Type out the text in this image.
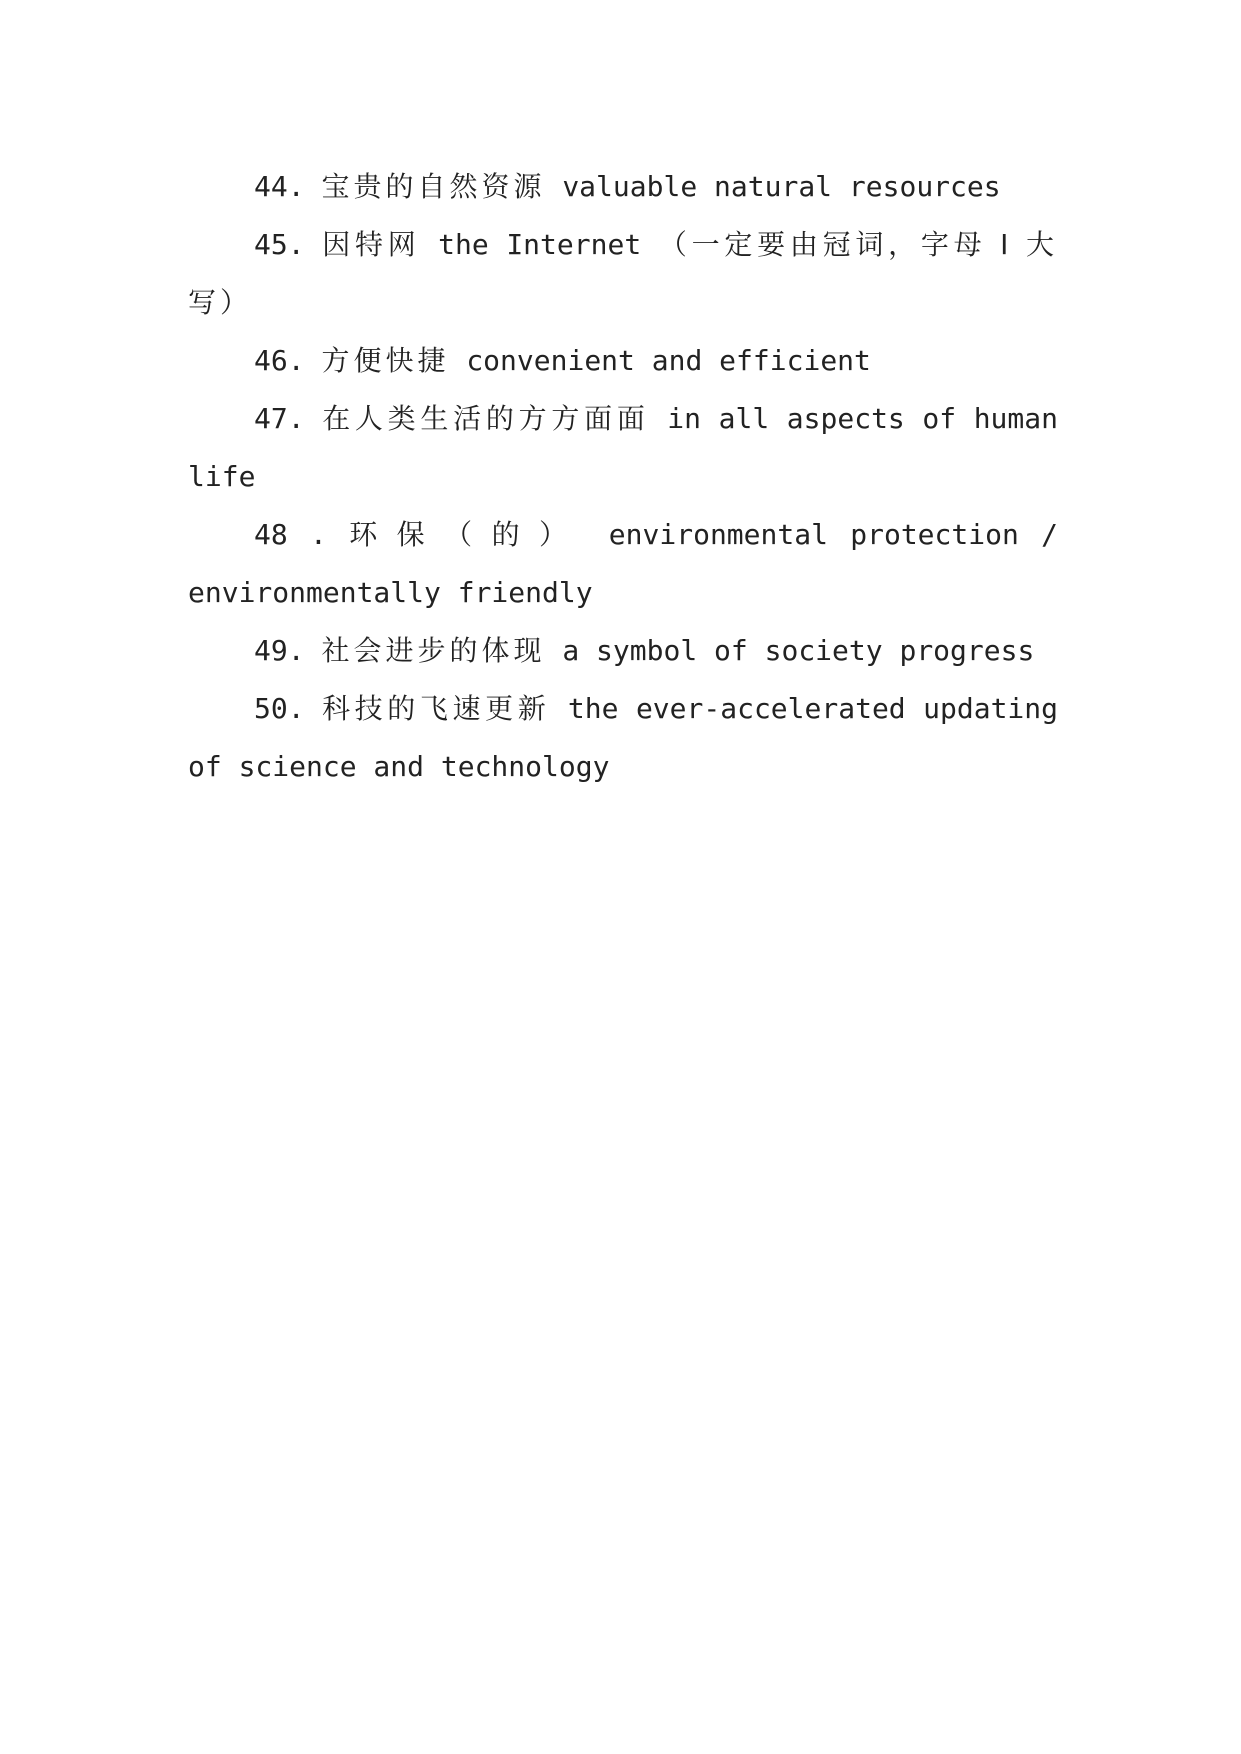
44. 宝贵的自然资源 valuable natural resources

45. 因特网 the Internet （一定要由冠词，字母 I 大写）

46. 方便快捷 convenient and efficient

47. 在人类生活的方方面面 in all aspects of human life

48 . 环保（的） environmental protection / environmentally friendly

49. 社会进步的体现 a symbol of society progress

50. 科技的飞速更新 the ever-accelerated updating of science and technology
